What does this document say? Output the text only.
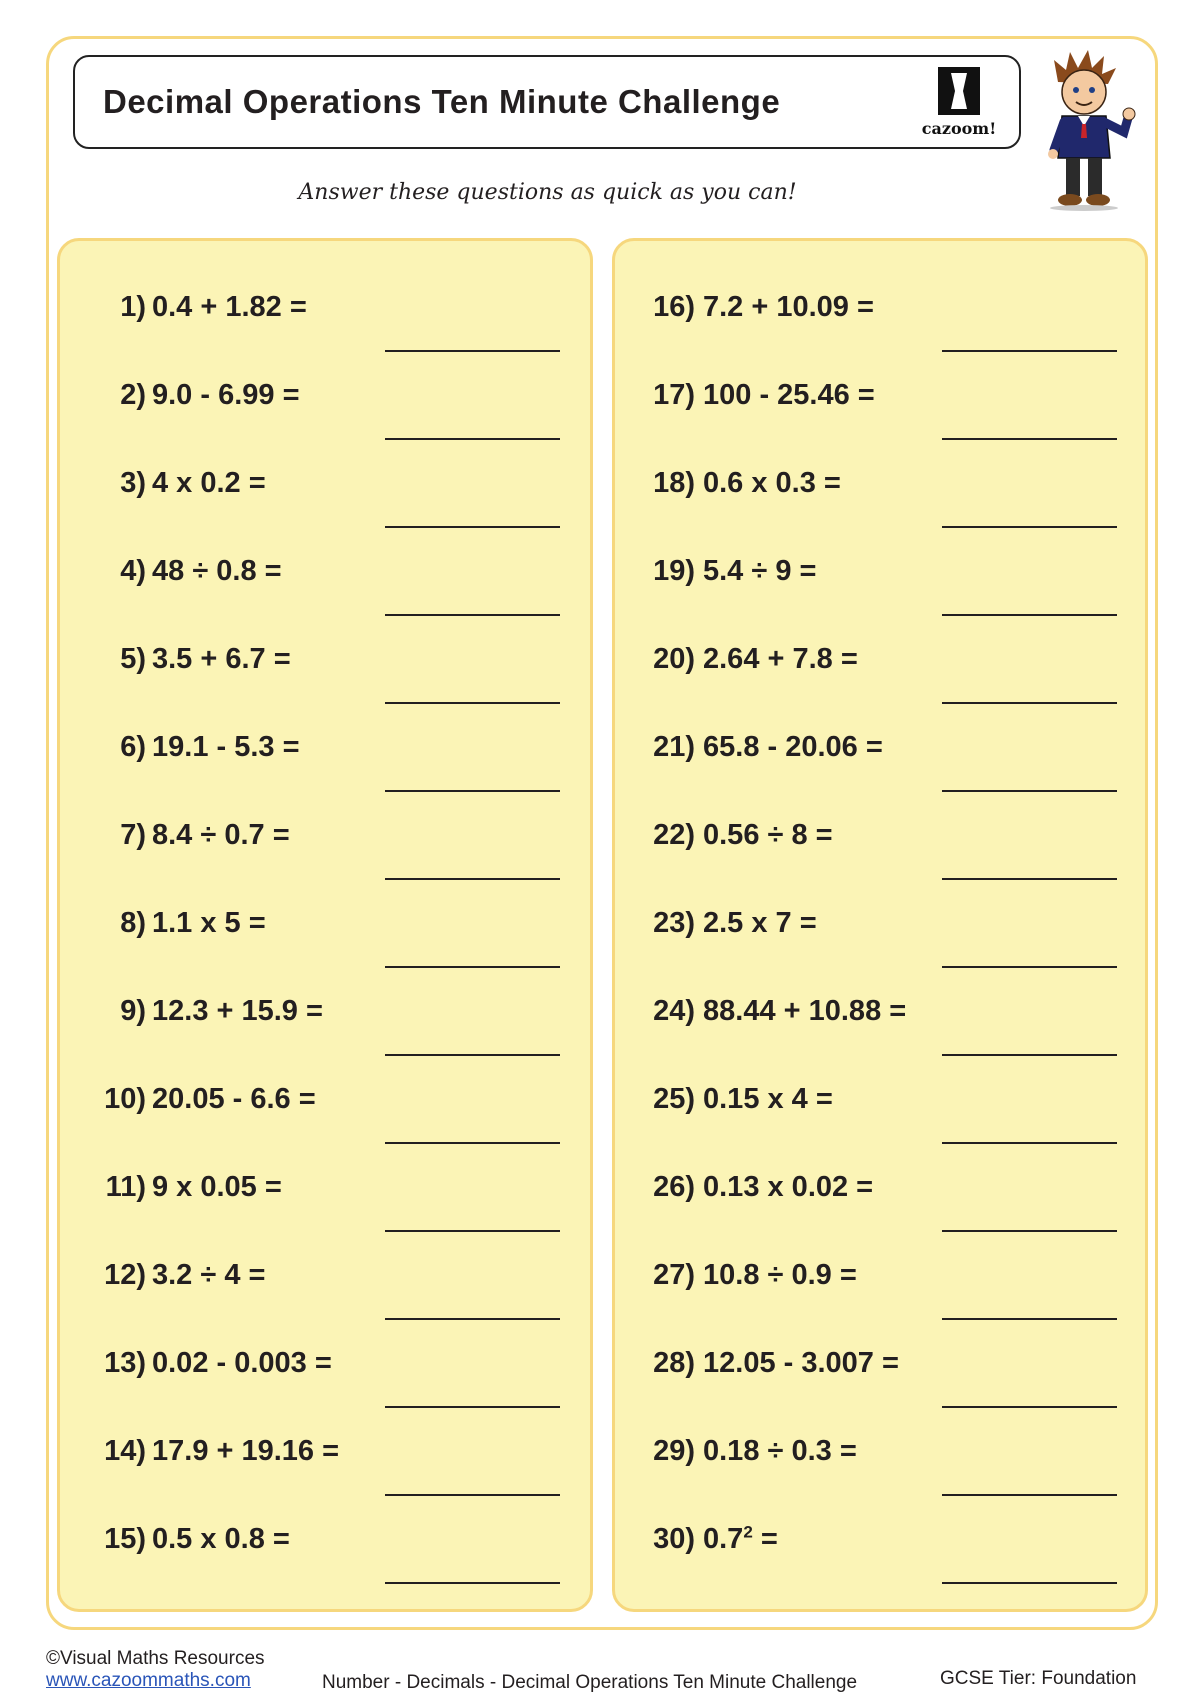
Decimal Operations Ten Minute Challenge
cazoom!
Answer these questions as quick as you can!
1) 0.4 + 1.82 =
2) 9.0 - 6.99 =
3) 4 x 0.2 =
4) 48 ÷ 0.8 =
5) 3.5 + 6.7 =
6) 19.1 - 5.3 =
7) 8.4 ÷ 0.7 =
8) 1.1 x 5 =
9) 12.3 + 15.9 =
10) 20.05 - 6.6 =
11) 9 x 0.05 =
12) 3.2 ÷ 4 =
13) 0.02 - 0.003 =
14) 17.9 + 19.16 =
15) 0.5 x 0.8 =
16) 7.2 + 10.09 =
17) 100 - 25.46 =
18) 0.6 x 0.3 =
19) 5.4 ÷ 9 =
20) 2.64 + 7.8 =
21) 65.8 - 20.06 =
22) 0.56 ÷ 8 =
23) 2.5 x 7 =
24) 88.44 + 10.88 =
25) 0.15 x 4 =
26) 0.13 x 0.02 =
27) 10.8 ÷ 0.9 =
28) 12.05 - 3.007 =
29) 0.18 ÷ 0.3 =
30) $0.7^2$ =
©Visual Maths Resources
www.cazoommaths.com	Number - Decimals - Decimal Operations Ten Minute Challenge	GCSE Tier: Foundation
